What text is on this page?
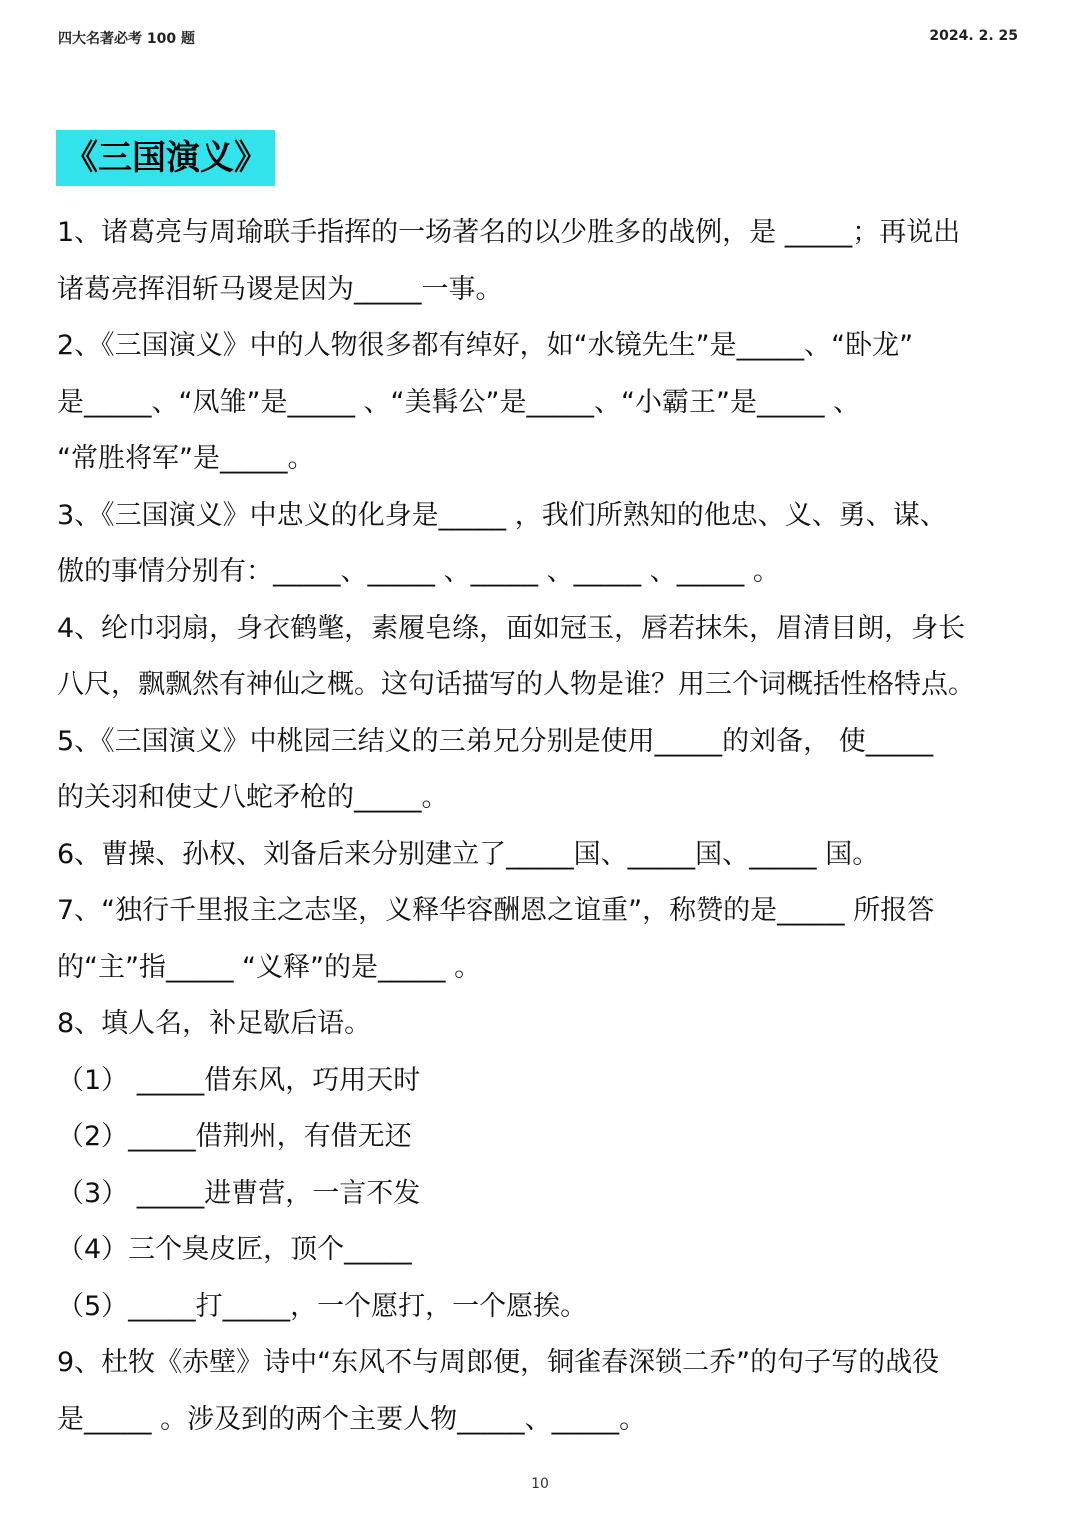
四大名著必考 100 题	2024. 2. 25
《三国演义》
1、诸葛亮与周瑜联手指挥的一场著名的以少胜多的战例，是 _____；再说出
诸葛亮挥泪斩马谡是因为_____一事。
2、《三国演义》中的人物很多都有绰好，如“水镜先生”是_____、“卧龙”
是_____、“凤雏”是_____ 、“美髯公”是_____、“小霸王”是_____ 、
“常胜将军”是_____。
3、《三国演义》中忠义的化身是_____ ，我们所熟知的他忠、义、勇、谋、
傲的事情分别有：_____、_____ 、_____ 、_____ 、_____ 。
4、纶巾羽扇，身衣鹤氅，素履皂绦，面如冠玉，唇若抹朱，眉清目朗，身长
八尺，飘飘然有神仙之概。这句话描写的人物是谁？用三个词概括性格特点。
5、《三国演义》中桃园三结义的三弟兄分别是使用_____的刘备， 使_____
的关羽和使丈八蛇矛枪的_____。
6、曹操、孙权、刘备后来分别建立了_____国、_____国、_____ 国。
7、“独行千里报主之志坚，义释华容酬恩之谊重”，称赞的是_____ 所报答
的“主”指_____ “义释”的是_____ 。
8、填人名，补足歇后语。
（1） _____借东风，巧用天时
（2）_____借荆州，有借无还
（3） _____进曹营，一言不发
（4）三个臭皮匠，顶个_____
（5）_____打_____，一个愿打，一个愿挨。
9、杜牧《赤壁》诗中“东风不与周郎便，铜雀春深锁二乔”的句子写的战役
是_____ 。涉及到的两个主要人物_____、_____。
10
